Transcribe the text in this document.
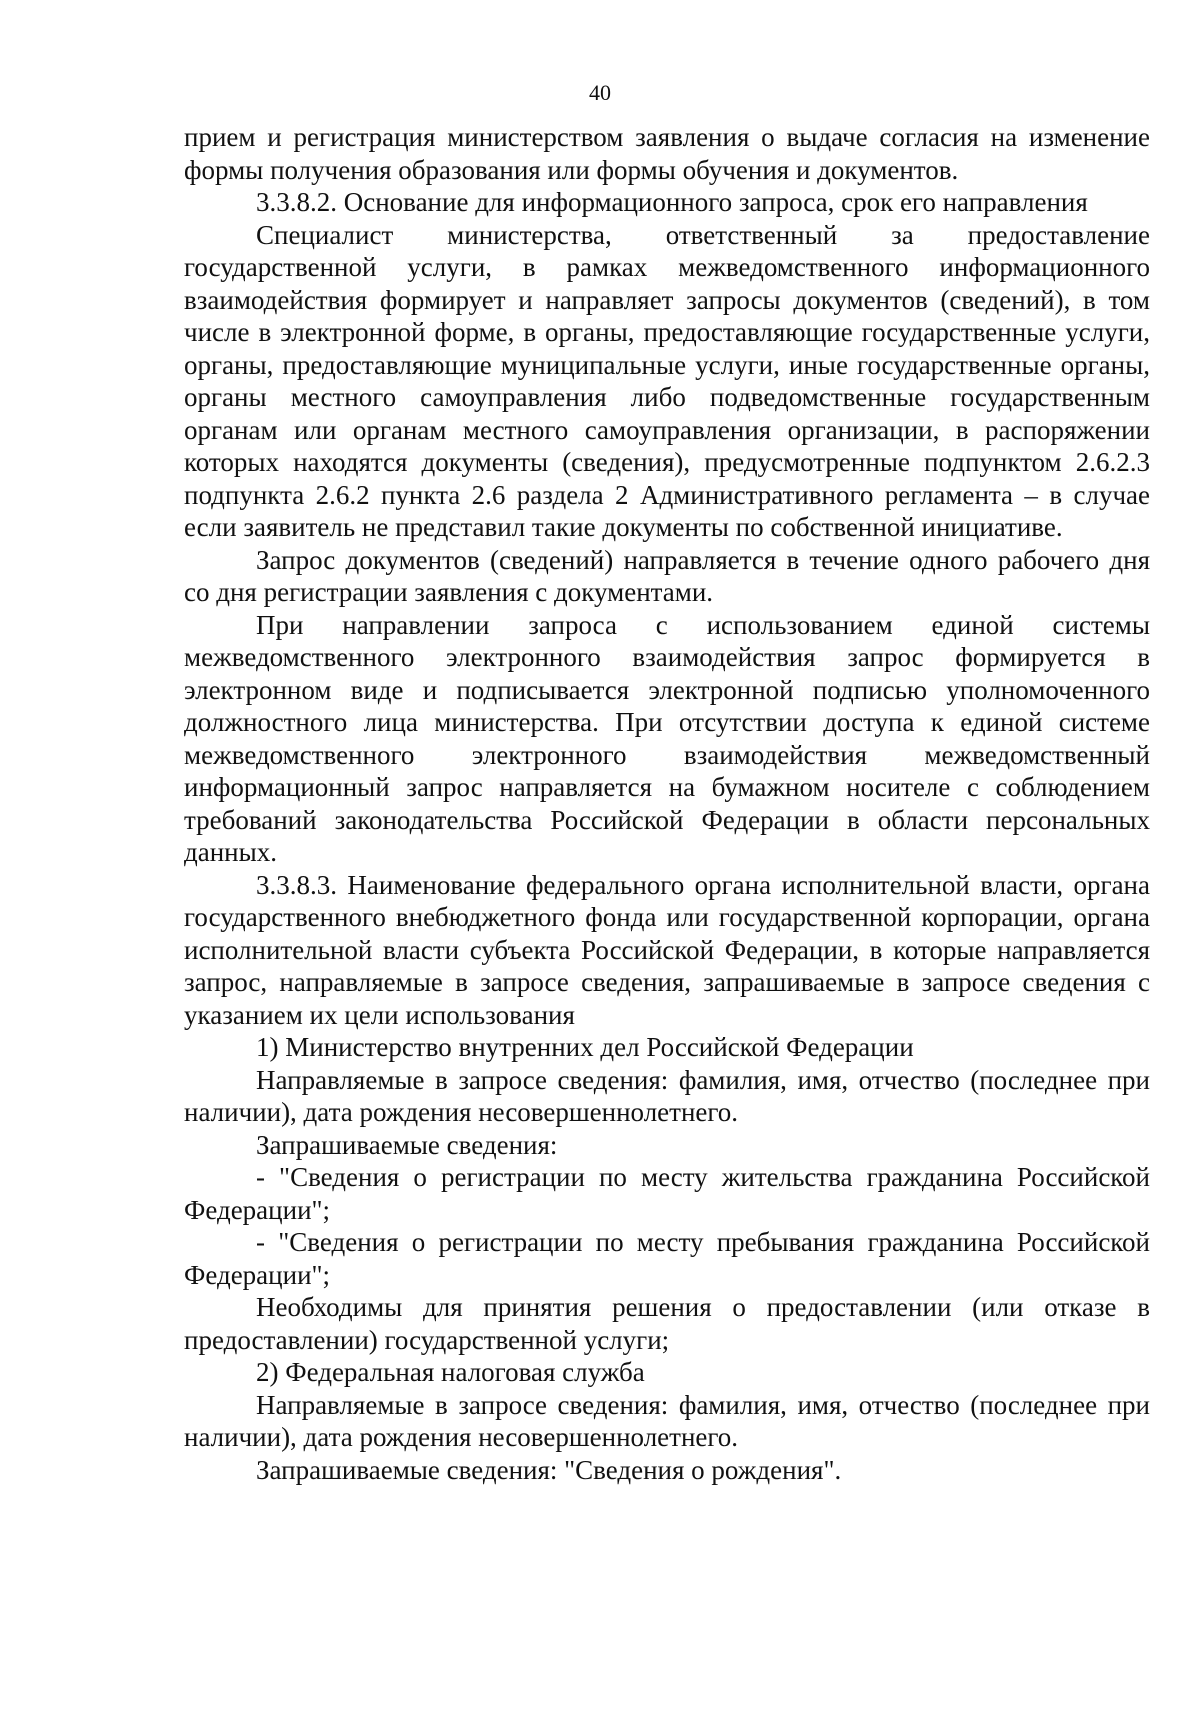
40

прием и регистрация министерством заявления о выдаче согласия на изменение формы получения образования или формы обучения и документов.

3.3.8.2. Основание для информационного запроса, срок его направления

Специалист министерства, ответственный за предоставление государственной услуги, в рамках межведомственного информационного взаимодействия формирует и направляет запросы документов (сведений), в том числе в электронной форме, в органы, предоставляющие государственные услуги, органы, предоставляющие муниципальные услуги, иные государственные органы, органы местного самоуправления либо подведомственные государственным органам или органам местного самоуправления организации, в распоряжении которых находятся документы (сведения), предусмотренные подпунктом 2.6.2.3 подпункта 2.6.2 пункта 2.6 раздела 2 Административного регламента – в случае если заявитель не представил такие документы по собственной инициативе.

Запрос документов (сведений) направляется в течение одного рабочего дня со дня регистрации заявления с документами.

При направлении запроса с использованием единой системы межведомственного электронного взаимодействия запрос формируется в электронном виде и подписывается электронной подписью уполномоченного должностного лица министерства. При отсутствии доступа к единой системе межведомственного электронного взаимодействия межведомственный информационный запрос направляется на бумажном носителе с соблюдением требований законодательства Российской Федерации в области персональных данных.

3.3.8.3. Наименование федерального органа исполнительной власти, органа государственного внебюджетного фонда или государственной корпорации, органа исполнительной власти субъекта Российской Федерации, в которые направляется запрос, направляемые в запросе сведения, запрашиваемые в запросе сведения с указанием их цели использования

1) Министерство внутренних дел Российской Федерации

Направляемые в запросе сведения: фамилия, имя, отчество (последнее при наличии), дата рождения несовершеннолетнего.

Запрашиваемые сведения:

- "Сведения о регистрации по месту жительства гражданина Российской Федерации";

- "Сведения о регистрации по месту пребывания гражданина Российской Федерации";

Необходимы для принятия решения о предоставлении (или отказе в предоставлении) государственной услуги;

2) Федеральная налоговая служба

Направляемые в запросе сведения: фамилия, имя, отчество (последнее при наличии), дата рождения несовершеннолетнего.

Запрашиваемые сведения: "Сведения о рождения".
